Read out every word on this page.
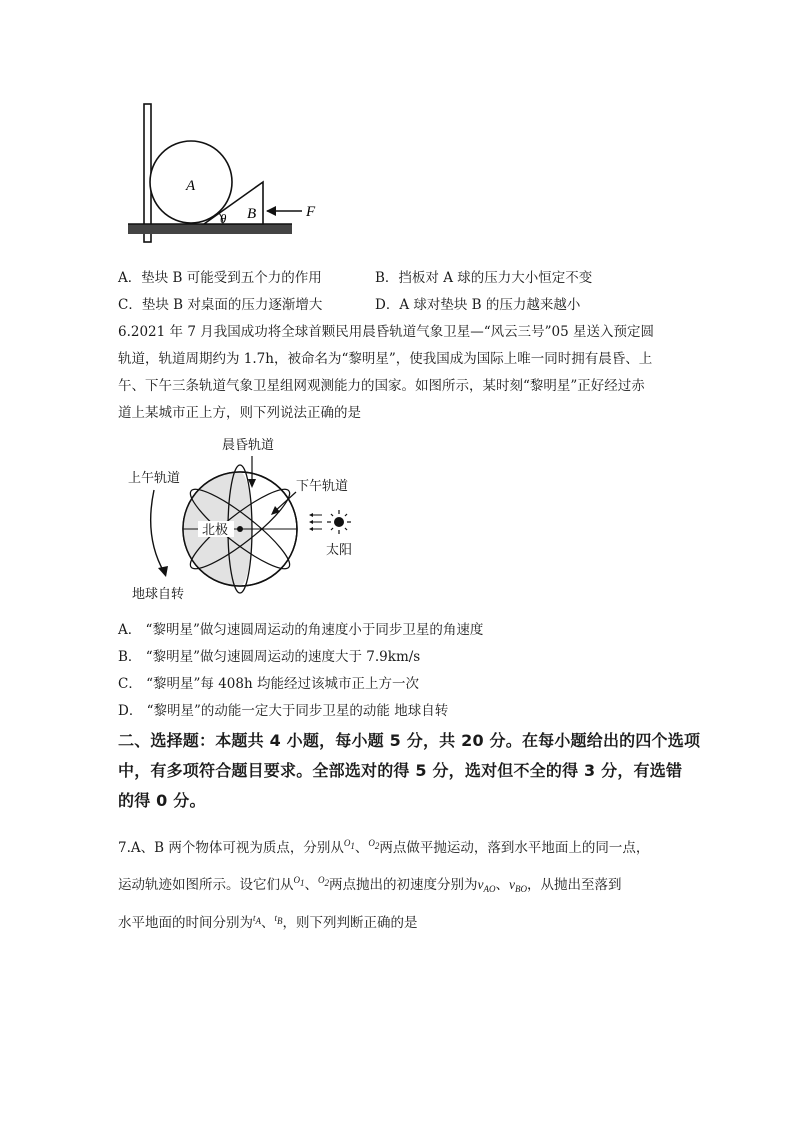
A
B	F
θ
A．垫块 B 可能受到五个力的作用	B．挡板对 A 球的压力大小恒定不变
C．垫块 B 对桌面的压力逐渐增大	D．A 球对垫块 B 的压力越来越小
6.2021 年 7 月我国成功将全球首颗民用晨昏轨道气象卫星—“风云三号”05 星送入预定圆
轨道，轨道周期约为 1.7h，被命名为“黎明星”，使我国成为国际上唯一同时拥有晨昏、上
午、下午三条轨道气象卫星组网观测能力的国家。如图所示，某时刻“黎明星”正好经过赤
道上某城市正上方，则下列说法正确的是
晨昏轨道
上午轨道
下午轨道
北极
太阳
地球自转
A． “黎明星”做匀速圆周运动的角速度小于同步卫星的角速度
B． “黎明星”做匀速圆周运动的速度大于 7.9km/s
C． “黎明星”每 408h 均能经过该城市正上方一次
D． “黎明星”的动能一定大于同步卫星的动能 地球自转
二、选择题：本题共 4 小题，每小题 5 分，共 20 分。在每小题给出的四个选项
中，有多项符合题目要求。全部选对的得 5 分，选对但不全的得 3 分，有选错
的得 0 分。
7.A、B 两个物体可视为质点，分别从$^{O1}$、$^{O2}$两点做平抛运动，落到水平地面上的同一点，
运动轨迹如图所示。设它们从$^{O1}$、$^{O2}$两点抛出的初速度分别为$v_{AO}$、$v_{BO}$，从抛出至落到
水平地面的时间分别为$^{tA}$、$^{tB}$，则下列判断正确的是
